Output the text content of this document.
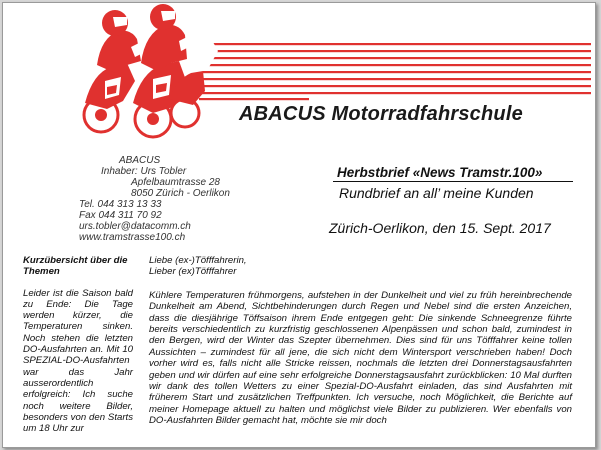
ABACUS Motorradfahrschule
ABACUS
Inhaber: Urs Tobler
Apfelbaumtrasse 28
8050 Zürich - Oerlikon
Tel. 044 313 13 33
Fax 044 311 70 92
urs.tobler@datacomm.ch
www.tramstrasse100.ch
Herbstbrief «News Tramstr.100»
Rundbrief an all’ meine Kunden
Zürich-Oerlikon, den 15. Sept. 2017
Kurzübersicht über die Themen
Leider ist die Saison bald zu Ende: Die Tage werden kürzer, die Temperaturen sinken. Noch stehen die letzten DO-Ausfahrten an. Mit 10 SPEZIAL-DO-Ausfahrten war das Jahr ausserordentlich erfolgreich: Ich suche noch weitere Bilder, besonders von den Starts um 18 Uhr zur
Liebe (ex-)Töfffahrerin,
Lieber (ex)Töfffahrer
Kühlere Temperaturen frühmorgens, aufstehen in der Dunkelheit und viel zu früh hereinbrechende Dunkelheit am Abend, Sichtbehinderungen durch Regen und Nebel sind die ersten Anzeichen, dass die diesjährige Töffsaison ihrem Ende entgegen geht: Die sinkende Schneegrenze führte bereits verschiedentlich zu kurzfristig geschlossenen Alpenpässen und schon bald, zumindest in den Bergen, wird der Winter das Szepter übernehmen. Dies sind für uns Töfffahrer keine tollen Aussichten – zumindest für all jene, die sich nicht dem Wintersport verschrieben haben! Doch vorher wird es, falls nicht alle Stricke reissen, nochmals die letzten drei Donnerstagsausfahrten geben und wir dürfen auf eine sehr erfolgreiche Donnerstagsausfahrt zurückblicken: 10 Mal durften wir dank des tollen Wetters zu einer Spezial-DO-Ausfahrt einladen, das sind Ausfahrten mit früherem Start und zusätzlichen Treffpunkten. Ich versuche, noch Möglichkeit, die Berichte auf meiner Homepage aktuell zu halten und möglichst viele Bilder zu publizieren. Wer ebenfalls von DO-Ausfahrten Bilder gemacht hat, möchte sie mir doch
